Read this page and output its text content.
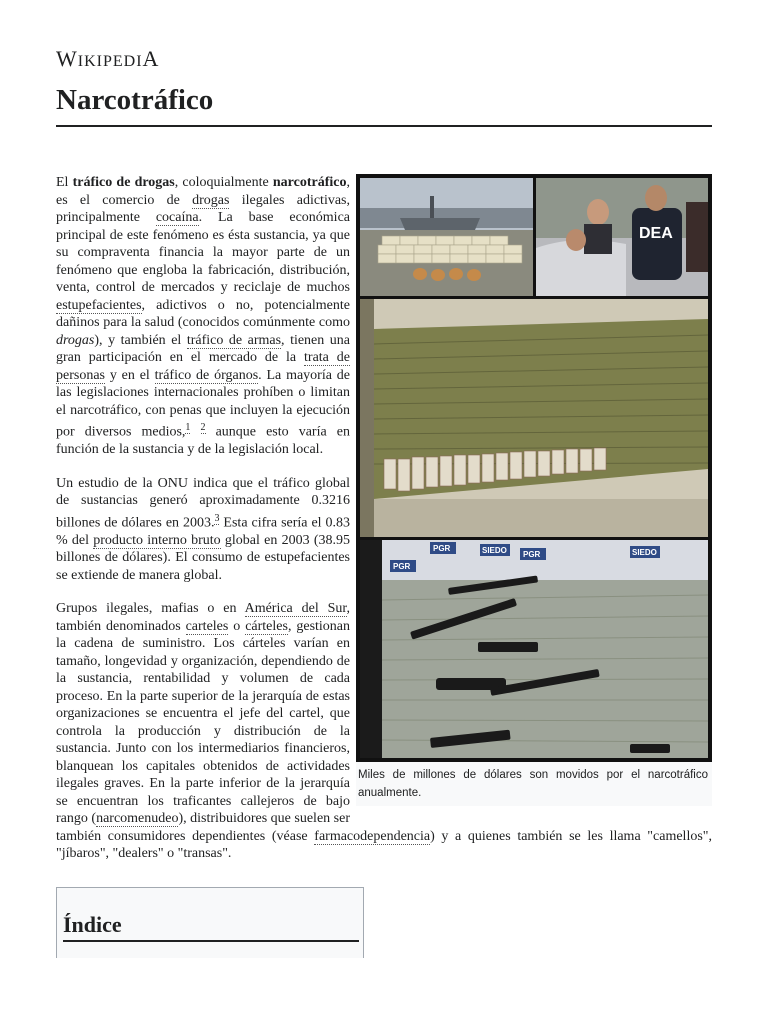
WIKIPEDIA
Narcotráfico
DEA
PGR	SIEDO PGR
PGR
SIEDO
Miles de millones de dólares son movidos por el narcotráfico anualmente.

El tráfico de drogas, coloquialmente narcotráfico, es el comercio de drogas ilegales adictivas, principalmente cocaína. La base económica principal de este fenómeno es ésta sustancia, ya que su compraventa financia la mayor parte de un fenómeno que engloba la fabricación, distribución, venta, control de mercados y reciclaje de muchos estupefacientes, adictivos o no, potencialmente dañinos para la salud (conocidos comúnmente como drogas), y también el tráfico de armas, tienen una gran participación en el mercado de la trata de personas y en el tráfico de órganos. La mayoría de las legislaciones internacionales prohíben o limitan el narcotráfico, con penas que incluyen la ejecución por diversos medios,$^1$ $^2$ aunque esto varía en función de la sustancia y de la legislación local.

Un estudio de la ONU indica que el tráfico global de sustancias generó aproximadamente 0.3216 billones de dólares en 2003.$^3$ Esta cifra sería el 0.83 % del producto interno bruto global en 2003 (38.95 billones de dólares). El consumo de estupefacientes se extiende de manera global.

Grupos ilegales, mafias o en América del Sur, también denominados carteles o cárteles, gestionan la cadena de suministro. Los cárteles varían en tamaño, longevidad y organización, dependiendo de la sustancia, rentabilidad y volumen de cada proceso. En la parte superior de la jerarquía de estas organizaciones se encuentra el jefe del cartel, que controla la producción y distribución de la sustancia. Junto con los intermediarios financieros, blanquean los capitales obtenidos de actividades ilegales graves. En la parte inferior de la jerarquía se encuentran los traficantes callejeros de bajo rango (narcomenudeo), distribuidores que suelen ser también consumidores dependientes (véase farmacodependencia) y a quienes también se les llama "camellos", "jíbaros", "dealers" o "transas".

Índice
